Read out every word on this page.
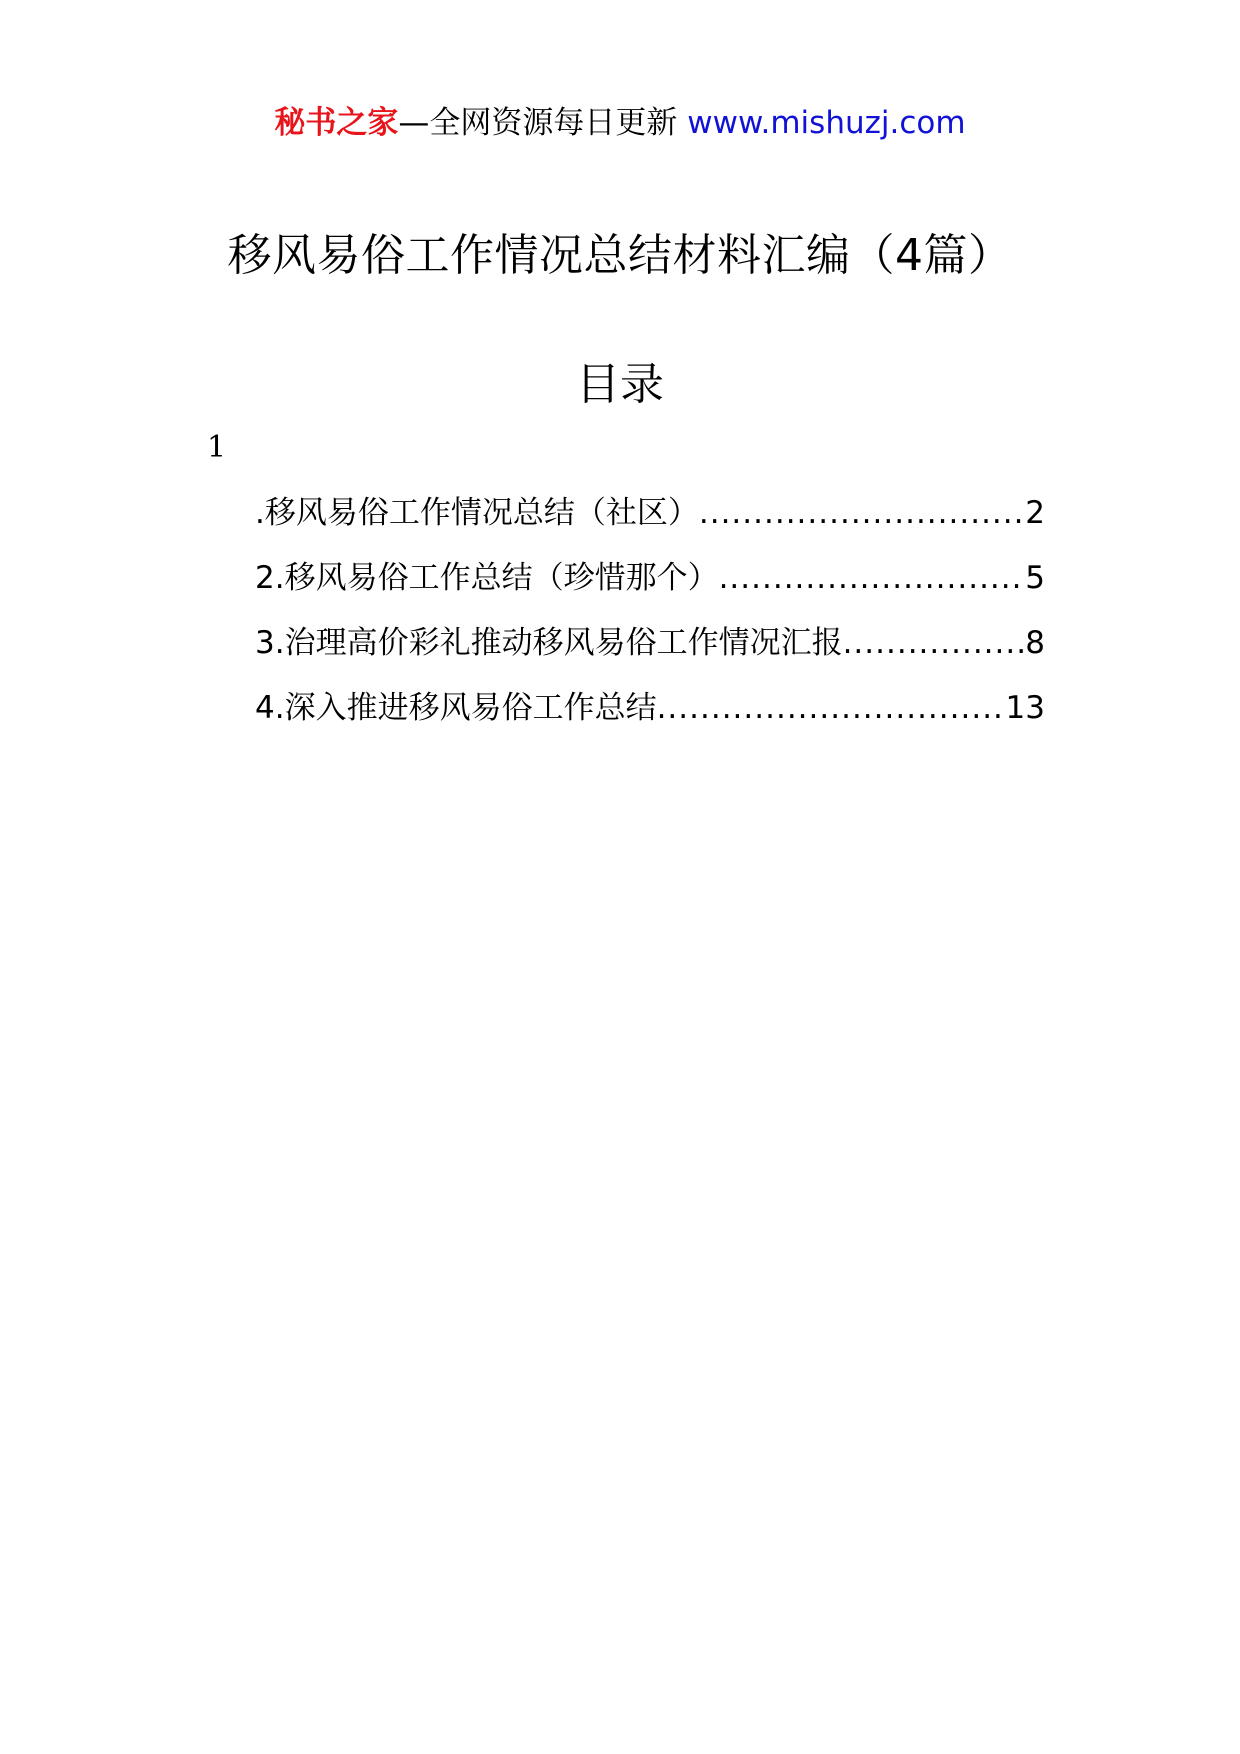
秘书之家—全网资源每日更新 www.mishuzj.com
移风易俗工作情况总结材料汇编（4篇）
目录
1
.移风易俗工作情况总结（社区） .....	2
2.移风易俗工作总结（珍惜那个） .....	5
3.治理高价彩礼推动移风易俗工作情况汇报 .....	8
4.深入推进移风易俗工作总结 .....	13
